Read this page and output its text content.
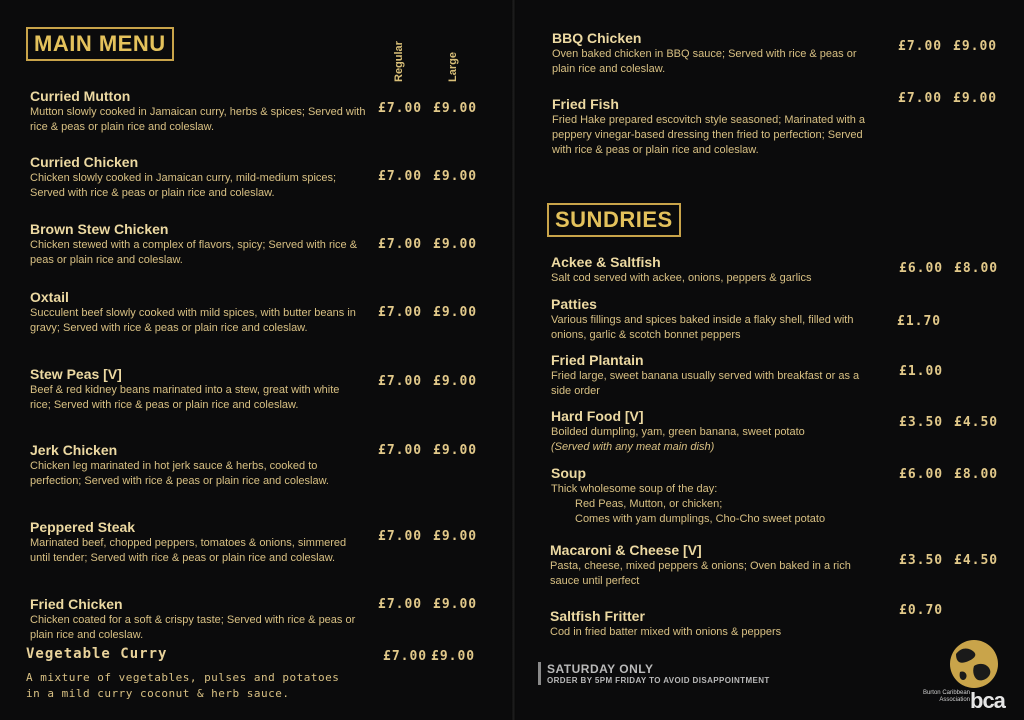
MAIN MENU	Regular	Large
Curried Mutton
Mutton slowly cooked in Jamaican curry, herbs & spices; Served with rice & peas or plain rice and coleslaw.
£7.00 £9.00
Curried Chicken
Chicken slowly cooked in Jamaican curry, mild-medium spices; Served with rice & peas or plain rice and coleslaw.
£7.00 £9.00
Brown Stew Chicken
Chicken stewed with a complex of flavors, spicy; Served with rice & peas or plain rice and coleslaw.
£7.00 £9.00
Oxtail
Succulent beef slowly cooked with mild spices, with butter beans in gravy; Served with rice & peas or plain rice and coleslaw.
£7.00 £9.00
Stew Peas [V]
Beef & red kidney beans marinated into a stew, great with white rice; Served with rice & peas or plain rice and coleslaw.
£7.00 £9.00
Jerk Chicken
Chicken leg marinated in hot jerk sauce & herbs, cooked to perfection; Served with rice & peas or plain rice and coleslaw.
£7.00 £9.00
Peppered Steak
Marinated beef, chopped peppers, tomatoes & onions, simmered until tender; Served with rice & peas or plain rice and coleslaw.
£7.00 £9.00
Fried Chicken
Chicken coated for a soft & crispy taste; Served with rice & peas or plain rice and coleslaw.
£7.00 £9.00
Vegetable Curry
A mixture of vegetables, pulses and potatoes in a mild curry coconut & herb sauce.
£7.00 £9.00
BBQ Chicken
Oven baked chicken in BBQ sauce; Served with rice & peas or plain rice and coleslaw.
£7.00 £9.00
Fried Fish
Fried Hake prepared escovitch style seasoned; Marinated with a peppery vinegar-based dressing then fried to perfection; Served with rice & peas or plain rice and coleslaw.
£7.00 £9.00
SUNDRIES
Ackee & Saltfish
Salt cod served with ackee, onions, peppers & garlics
£6.00 £8.00
Patties
Various fillings and spices baked inside a flaky shell, filled with onions, garlic & scotch bonnet peppers
£1.70
Fried Plantain
Fried large, sweet banana usually served with breakfast or as a side order
£1.00
Hard Food [V]
Boilded dumpling, yam, green banana, sweet potato
(Served with any meat main dish)
£3.50 £4.50
Soup
Thick wholesome soup of the day:
Red Peas, Mutton, or chicken;
Comes with yam dumplings, Cho-Cho sweet potato
£6.00 £8.00
Macaroni & Cheese [V]
Pasta, cheese, mixed peppers & onions; Oven baked in a rich sauce until perfect
£3.50 £4.50
Saltfish Fritter
Cod in fried batter mixed with onions & peppers
£0.70
SATURDAY ONLY
ORDER BY 5PM FRIDAY TO AVOID DISAPPOINTMENT
Burton Caribbean Association bca
